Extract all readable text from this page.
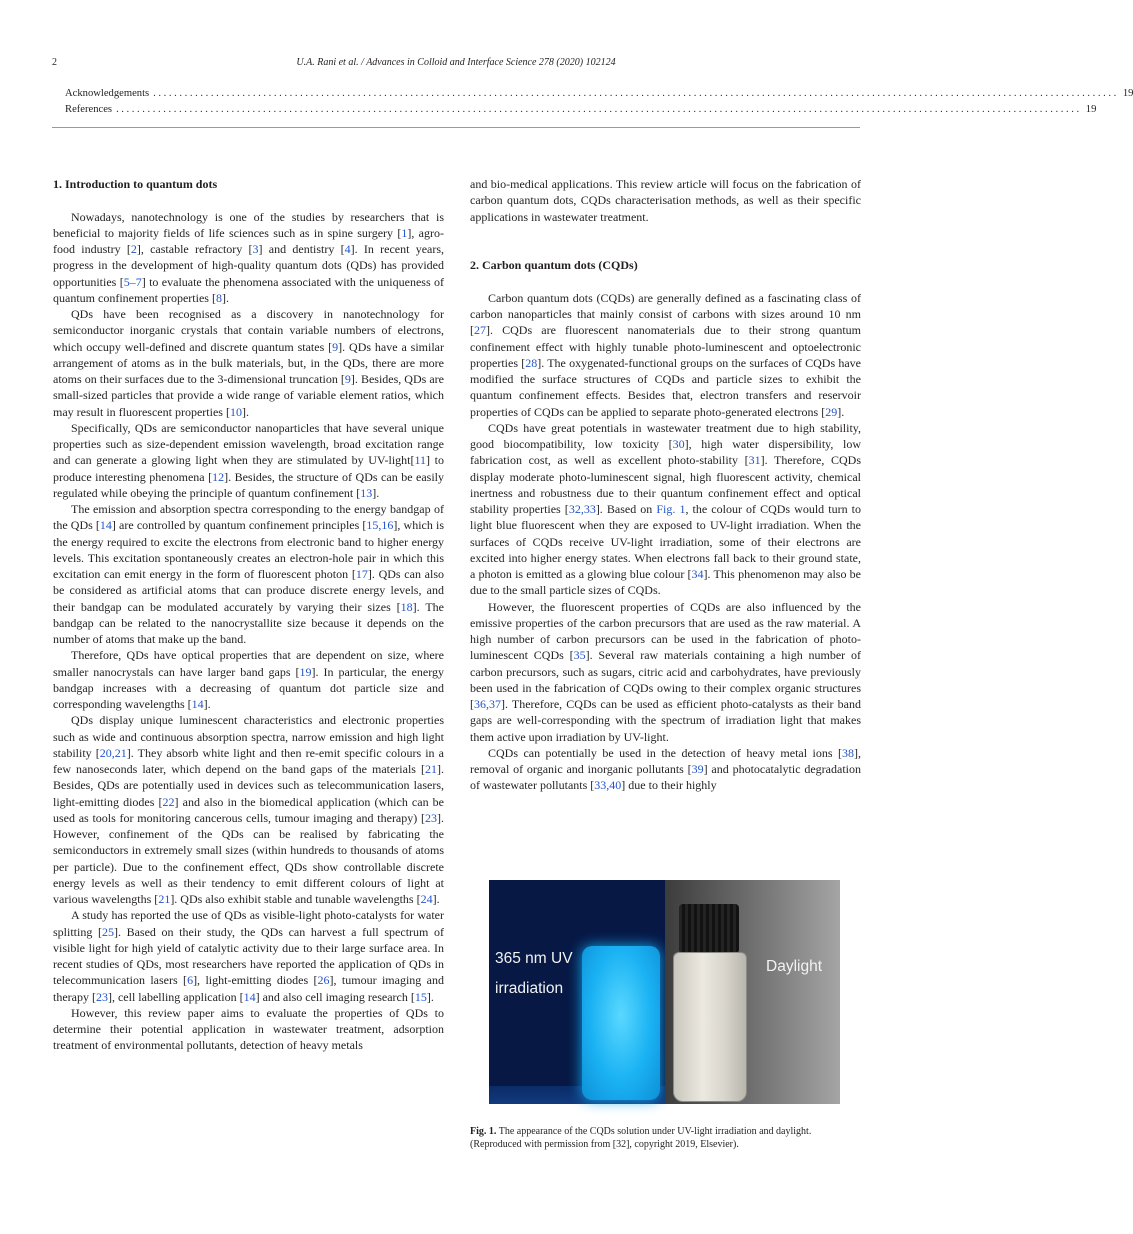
2	U.A. Rani et al. / Advances in Colloid and Interface Science 278 (2020) 102124
Acknowledgements ........................................................................................................................................................................................ 19
References ........................................................................................................................................................................................ 19
1. Introduction to quantum dots

Nowadays, nanotechnology is one of the studies by researchers that is beneficial to majority fields of life sciences such as in spine surgery [1], agro-food industry [2], castable refractory [3] and dentistry [4]. In recent years, progress in the development of high-quality quantum dots (QDs) has provided opportunities [5–7] to evaluate the phenomena associated with the uniqueness of quantum confinement properties [8].

QDs have been recognised as a discovery in nanotechnology for semiconductor inorganic crystals that contain variable numbers of electrons, which occupy well-defined and discrete quantum states [9]. QDs have a similar arrangement of atoms as in the bulk materials, but, in the QDs, there are more atoms on their surfaces due to the 3-dimensional truncation [9]. Besides, QDs are small-sized particles that provide a wide range of variable element ratios, which may result in fluorescent properties [10].

Specifically, QDs are semiconductor nanoparticles that have several unique properties such as size-dependent emission wavelength, broad excitation range and can generate a glowing light when they are stimulated by UV-light[11] to produce interesting phenomena [12]. Besides, the structure of QDs can be easily regulated while obeying the principle of quantum confinement [13].

The emission and absorption spectra corresponding to the energy bandgap of the QDs [14] are controlled by quantum confinement principles [15,16], which is the energy required to excite the electrons from electronic band to higher energy levels. This excitation spontaneously creates an electron-hole pair in which this excitation can emit energy in the form of fluorescent photon [17]. QDs can also be considered as artificial atoms that can produce discrete energy levels, and their bandgap can be modulated accurately by varying their sizes [18]. The bandgap can be related to the nanocrystallite size because it depends on the number of atoms that make up the band.

Therefore, QDs have optical properties that are dependent on size, where smaller nanocrystals can have larger band gaps [19]. In particular, the energy bandgap increases with a decreasing of quantum dot particle size and corresponding wavelengths [14].

QDs display unique luminescent characteristics and electronic properties such as wide and continuous absorption spectra, narrow emission and high light stability [20,21]. They absorb white light and then re-emit specific colours in a few nanoseconds later, which depend on the band gaps of the materials [21]. Besides, QDs are potentially used in devices such as telecommunication lasers, light-emitting diodes [22] and also in the biomedical application (which can be used as tools for monitoring cancerous cells, tumour imaging and therapy) [23]. However, confinement of the QDs can be realised by fabricating the semiconductors in extremely small sizes (within hundreds to thousands of atoms per particle). Due to the confinement effect, QDs show controllable discrete energy levels as well as their tendency to emit different colours of light at various wavelengths [21]. QDs also exhibit stable and tunable wavelengths [24].

A study has reported the use of QDs as visible-light photo-catalysts for water splitting [25]. Based on their study, the QDs can harvest a full spectrum of visible light for high yield of catalytic activity due to their large surface area. In recent studies of QDs, most researchers have reported the application of QDs in telecommunication lasers [6], light-emitting diodes [26], tumour imaging and therapy [23], cell labelling application [14] and also cell imaging research [15].

However, this review paper aims to evaluate the properties of QDs to determine their potential application in wastewater treatment, adsorption treatment of environmental pollutants, detection of heavy metals

and bio-medical applications. This review article will focus on the fabrication of carbon quantum dots, CQDs characterisation methods, as well as their specific applications in wastewater treatment.

2. Carbon quantum dots (CQDs)

Carbon quantum dots (CQDs) are generally defined as a fascinating class of carbon nanoparticles that mainly consist of carbons with sizes around 10 nm [27]. CQDs are fluorescent nanomaterials due to their strong quantum confinement effect with highly tunable photo-luminescent and optoelectronic properties [28]. The oxygenated-functional groups on the surfaces of CQDs have modified the surface structures of CQDs and particle sizes to exhibit the quantum confinement effects. Besides that, electron transfers and reservoir properties of CQDs can be applied to separate photo-generated electrons [29].

CQDs have great potentials in wastewater treatment due to high stability, good biocompatibility, low toxicity [30], high water dispersibility, low fabrication cost, as well as excellent photo-stability [31]. Therefore, CQDs display moderate photo-luminescent signal, high fluorescent activity, chemical inertness and robustness due to their quantum confinement effect and optical stability properties [32,33]. Based on Fig. 1, the colour of CQDs would turn to light blue fluorescent when they are exposed to UV-light irradiation. When the surfaces of CQDs receive UV-light irradiation, some of their electrons are excited into higher energy states. When electrons fall back to their ground state, a photon is emitted as a glowing blue colour [34]. This phenomenon may also be due to the small particle sizes of CQDs.

However, the fluorescent properties of CQDs are also influenced by the emissive properties of the carbon precursors that are used as the raw material. A high number of carbon precursors can be used in the fabrication of photo-luminescent CQDs [35]. Several raw materials containing a high number of carbon precursors, such as sugars, citric acid and carbohydrates, have previously been used in the fabrication of CQDs owing to their complex organic structures [36,37]. Therefore, CQDs can be used as efficient photo-catalysts as their band gaps are well-corresponding with the spectrum of irradiation light that makes them active upon irradiation by UV-light.

CQDs can potentially be used in the detection of heavy metal ions [38], removal of organic and inorganic pollutants [39] and photocatalytic degradation of wastewater pollutants [33,40] due to their highly

365 nm UV irradiation
Daylight
Fig. 1. The appearance of the CQDs solution under UV-light irradiation and daylight. (Reproduced with permission from [32], copyright 2019, Elsevier).
